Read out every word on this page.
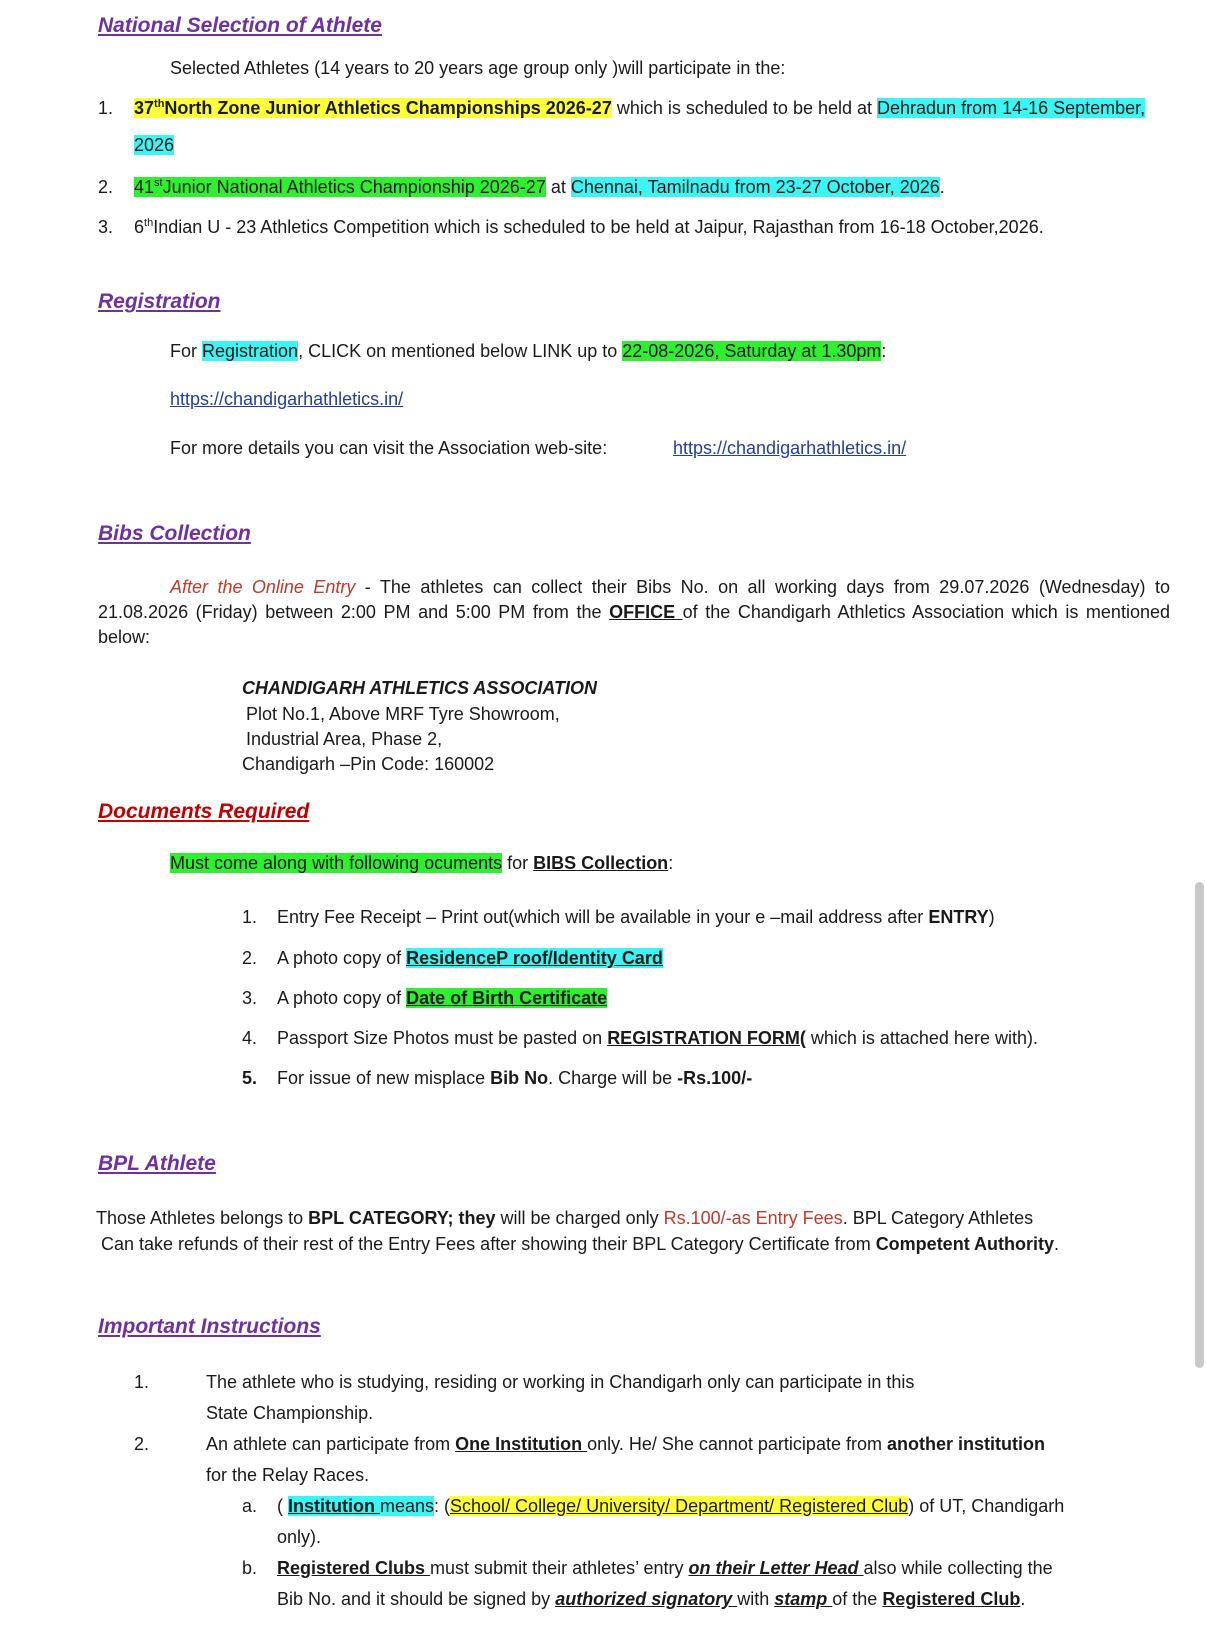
National Selection of Athlete
Selected Athletes (14 years to 20 years age group only )will participate in the:
1. 37thNorth Zone Junior Athletics Championships 2026-27 which is scheduled to be held at Dehradun from 14-16 September,
2026
2. 41stJunior National Athletics Championship 2026-27 at Chennai, Tamilnadu from 23-27 October, 2026.
3. 6thIndian U - 23 Athletics Competition which is scheduled to be held at Jaipur, Rajasthan from 16-18 October,2026.
Registration
For Registration, CLICK on mentioned below LINK up to 22-08-2026, Saturday at 1.30pm:
https://chandigarhathletics.in/
For more details you can visit the Association web-site:	https://chandigarhathletics.in/
Bibs Collection
After the Online Entry - The athletes can collect their Bibs No. on all working days from 29.07.2026 (Wednesday) to 21.08.2026 (Friday) between 2:00 PM and 5:00 PM from the OFFICE of the Chandigarh Athletics Association which is mentioned below:
CHANDIGARH ATHLETICS ASSOCIATION
Plot No.1, Above MRF Tyre Showroom,
Industrial Area, Phase 2,
Chandigarh –Pin Code: 160002
Documents Required
Must come along with following ocuments for BIBS Collection:
1. Entry Fee Receipt – Print out(which will be available in your e –mail address after ENTRY)
2. A photo copy of ResidenceP roof/Identity Card
3. A photo copy of Date of Birth Certificate
4. Passport Size Photos must be pasted on REGISTRATION FORM( which is attached here with).
5. For issue of new misplace Bib No. Charge will be -Rs.100/-
BPL Athlete
Those Athletes belongs to BPL CATEGORY; they will be charged only Rs.100/-as Entry Fees. BPL Category Athletes
Can take refunds of their rest of the Entry Fees after showing their BPL Category Certificate from Competent Authority.
Important Instructions
1.	The athlete who is studying, residing or working in Chandigarh only can participate in this
State Championship.
2.	An athlete can participate from One Institution only. He/ She cannot participate from another institution
for the Relay Races.
a. ( Institution means: (School/ College/ University/ Department/ Registered Club) of UT, Chandigarh
only).
b. Registered Clubs must submit their athletes’ entry on their Letter Head also while collecting the
Bib No. and it should be signed by authorized signatory with stamp of the Registered Club.
